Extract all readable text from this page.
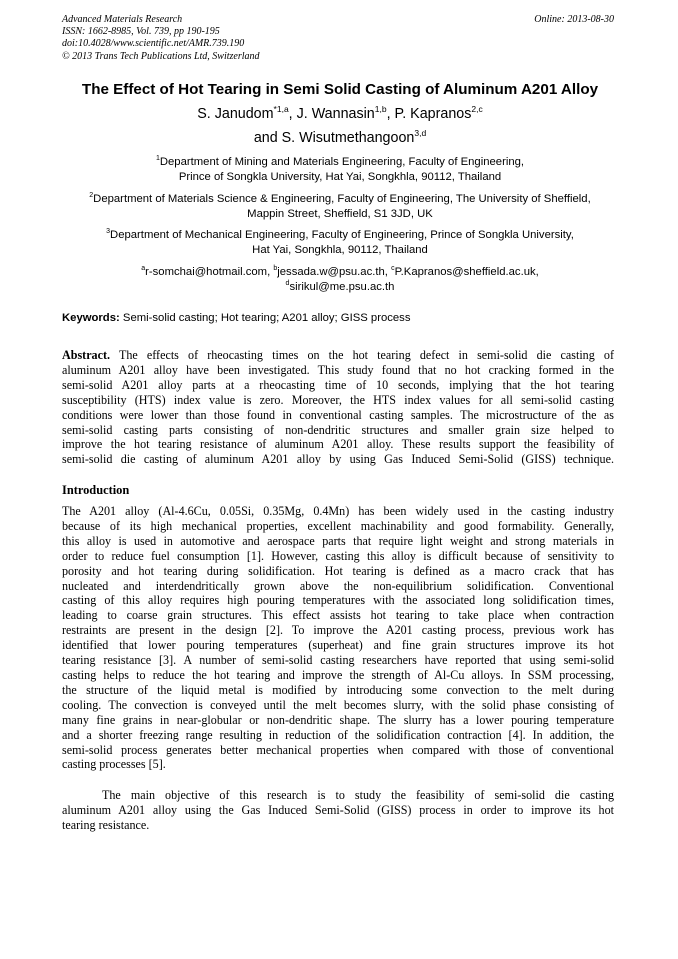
Advanced Materials Research
ISSN: 1662-8985, Vol. 739, pp 190-195
doi:10.4028/www.scientific.net/AMR.739.190
© 2013 Trans Tech Publications Ltd, Switzerland
Online: 2013-08-30
The Effect of Hot Tearing in Semi Solid Casting of Aluminum A201 Alloy
S. Janudom$^{*1,a}$, J. Wannasin$^{1,b}$, P. Kapranos$^{2,c}$
and S. Wisutmethangoon$^{3,d}$
$^1$Department of Mining and Materials Engineering, Faculty of Engineering,
Prince of Songkla University, Hat Yai, Songkhla, 90112, Thailand
$^2$Department of Materials Science & Engineering, Faculty of Engineering, The University of Sheffield,
Mappin Street, Sheffield, S1 3JD, UK
$^3$Department of Mechanical Engineering, Faculty of Engineering, Prince of Songkla University,
Hat Yai, Songkhla, 90112, Thailand
$^a$r-somchai@hotmail.com, $^b$jessada.w@psu.ac.th, $^c$P.Kapranos@sheffield.ac.uk,
$^d$sirikul@me.psu.ac.th
Keywords: Semi-solid casting; Hot tearing; A201 alloy; GISS process
Abstract. The effects of rheocasting times on the hot tearing defect in semi-solid die casting of
aluminum A201 alloy have been investigated. This study found that no hot cracking formed in the
semi-solid A201 alloy parts at a rheocasting time of 10 seconds, implying that the hot tearing
susceptibility (HTS) index value is zero. Moreover, the HTS index values for all semi-solid casting
conditions were lower than those found in conventional casting samples. The microstructure of the as
semi-solid casting parts consisting of non-dendritic structures and smaller grain size helped to
improve the hot tearing resistance of aluminum A201 alloy. These results support the feasibility of
semi-solid die casting of aluminum A201 alloy by using Gas Induced Semi-Solid (GISS) technique.
Introduction
The A201 alloy (Al-4.6Cu, 0.05Si, 0.35Mg, 0.4Mn) has been widely used in the casting industry
because of its high mechanical properties, excellent machinability and good formability. Generally,
this alloy is used in automotive and aerospace parts that require light weight and strong materials in
order to reduce fuel consumption [1]. However, casting this alloy is difficult because of sensitivity to
porosity and hot tearing during solidification. Hot tearing is defined as a macro crack that has
nucleated and interdendritically grown above the non-equilibrium solidification. Conventional
casting of this alloy requires high pouring temperatures with the associated long solidification times,
leading to coarse grain structures. This effect assists hot tearing to take place when contraction
restraints are present in the design [2]. To improve the A201 casting process, previous work has
identified that lower pouring temperatures (superheat) and fine grain structures improve its hot
tearing resistance [3]. A number of semi-solid casting researchers have reported that using semi-solid
casting helps to reduce the hot tearing and improve the strength of Al-Cu alloys. In SSM processing,
the structure of the liquid metal is modified by introducing some convection to the melt during
cooling. The convection is conveyed until the melt becomes slurry, with the solid phase consisting of
many fine grains in near-globular or non-dendritic shape. The slurry has a lower pouring temperature
and a shorter freezing range resulting in reduction of the solidification contraction [4]. In addition, the
semi-solid process generates better mechanical properties when compared with those of conventional
casting processes [5].
The main objective of this research is to study the feasibility of semi-solid die casting
aluminum A201 alloy using the Gas Induced Semi-Solid (GISS) process in order to improve its hot
tearing resistance.
